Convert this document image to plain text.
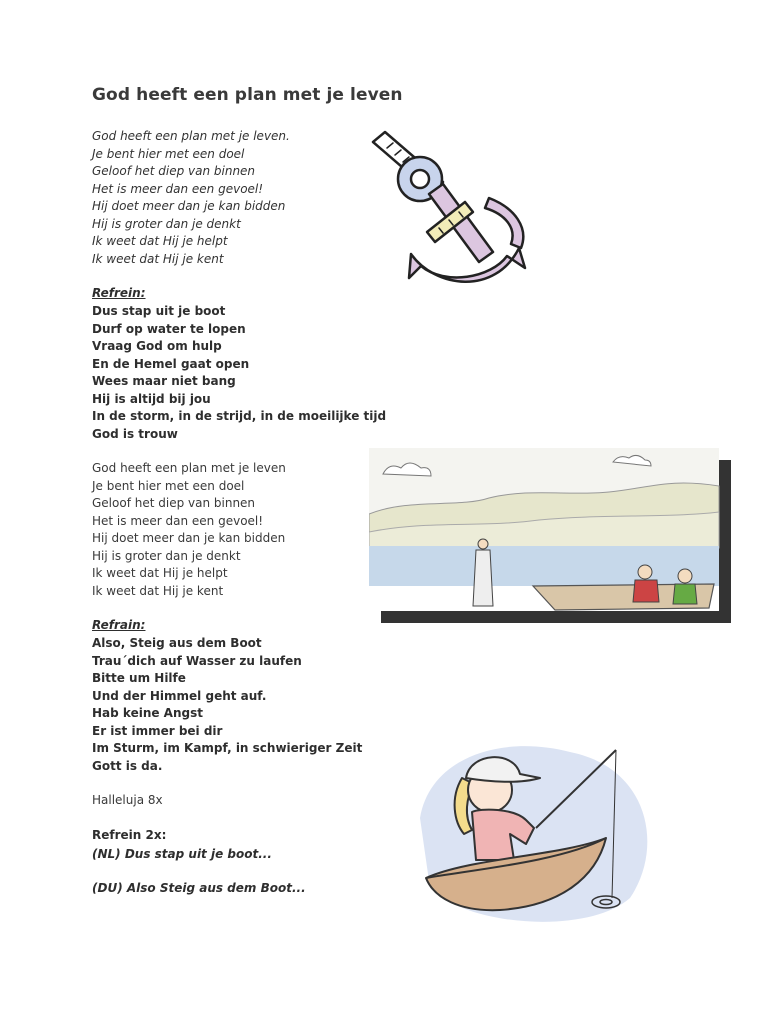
God heeft een plan met je leven
God heeft een plan met je leven.
Je bent hier met een doel
Geloof het diep van binnen
Het is meer dan een gevoel!
Hij doet meer dan je kan bidden
Hij is groter dan je denkt
Ik weet dat Hij je helpt
Ik weet dat Hij je kent

Refrein:

Dus stap uit je boot
Durf op water te lopen
Vraag God om hulp
En de Hemel gaat open
Wees maar niet bang
Hij is altijd bij jou
In de storm, in de strijd, in de moeilijke tijd
God is trouw
God heeft een plan met je leven
Je bent hier met een doel
Geloof het diep van binnen
Het is meer dan een gevoel!
Hij doet meer dan je kan bidden
Hij is groter dan je denkt
Ik weet dat Hij je helpt
Ik weet dat Hij je kent

Refrain:

Also, Steig aus dem Boot
Trau´dich auf Wasser zu laufen
Bitte um Hilfe
Und der Himmel geht auf.
Hab keine Angst
Er ist immer bei dir
Im Sturm, im Kampf, in schwieriger Zeit
Gott is da.

Halleluja 8x

Refrein 2x:

(NL) Dus stap uit je boot...

(DU) Also Steig aus dem Boot...
